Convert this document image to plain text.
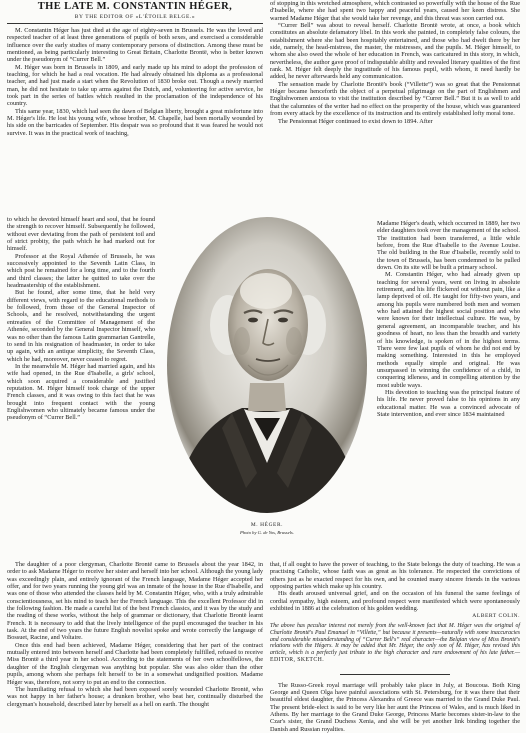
THE LATE M. CONSTANTIN HÉGER,
BY THE EDITOR OF «L'ÉTOILE BELGE.»

M. Constantin Héger has just died at the age of eighty-seven in Brussels. He was the loved and respected teacher of at least three generations of pupils of both sexes, and exercised a considerable influence over the early studies of many contemporary persons of distinction. Among these must be mentioned, as being particularly interesting to Great Britain, Charlotte Brontë, who is better known under the pseudonym of “Currer Bell.”

M. Héger was born in Brussels in 1809, and early made up his mind to adopt the profession of teaching, for which he had a real vocation. He had already obtained his diploma as a professional teacher, and had just made a start when the Revolution of 1830 broke out. Though a newly married man, he did not hesitate to take up arms against the Dutch, and, volunteering for active service, he took part in the series of battles which resulted in the proclamation of the independence of his country.

This same year, 1830, which had seen the dawn of Belgian liberty, brought a great misfortune into M. Héger's life. He lost his young wife, whose brother, M. Chapelle, had been mortally wounded by his side on the barricades of September. His despair was so profound that it was feared he would not survive. It was in the practical work of teaching,

to which he devoted himself heart and soul, that he found the strength to recover himself. Subsequently he followed, without ever deviating from the path of persistent toil and of strict probity, the path which he had marked out for himself.

Professor at the Royal Athenée of Brussels, he was successively appointed to the Seventh Latin Class, in which post he remained for a long time, and to the fourth and third classes; the latter he quitted to take over the headmastership of the establishment.

But he found, after some time, that he held very different views, with regard to the educational methods to be followed, from those of the General Inspector of Schools, and he resolved, notwithstanding the urgent entreaties of the Committee of Management of the Athenée, seconded by the General Inspector himself, who was no other than the famous Latin grammarian Gantrelle, to send in his resignation of headmaster, in order to take up again, with an antique simplicity, the Seventh Class, which he had, moreover, never ceased to regret.

In the meanwhile M. Héger had married again, and his wife had opened, in the Rue d'Isabelle, a girls' school, which soon acquired a considerable and justified reputation. M. Héger himself took charge of the upper French classes, and it was owing to this fact that he was brought into frequent contact with the young Englishwomen who ultimately became famous under the pseudonym of “Currer Bell.”

of stopping in this wretched atmosphere, which contrasted so powerfully with the house of the Rue d'Isabelle, where she had spent two happy and peaceful years, caused her keen distress. She warned Madame Héger that she would take her revenge, and this threat was soon carried out.

“Currer Bell” was about to reveal herself. Charlotte Brontë wrote, at once, a book which constitutes an absolute defamatory libel. In this work she painted, in completely false colours, the establishment where she had been hospitably entertained, and those who had dwelt there by her side, namely, the head-mistress, the master, the mistresses, and the pupils. M. Héger himself, to whom she also owed the whole of her education in French, was caricatured in this story, in which, nevertheless, the author gave proof of indisputable ability and revealed literary qualities of the first rank. M. Héger felt deeply the ingratitude of his famous pupil, with whom, it need hardly be added, he never afterwards held any communication.

The sensation made by Charlotte Brontë's book (“Villette”) was so great that the Pensionnat Héger became henceforth the object of a perpetual pilgrimage on the part of Englishmen and Englishwomen anxious to visit the institution described by “Currer Bell.” But it is as well to add that the calumnies of the writer had no effect on the prosperity of the house, which was guaranteed from every attack by the excellence of its instruction and its entirely established lofty moral tone.

The Pensionnat Héger continued to exist down to 1894. After

Madame Héger's death, which occurred in 1889, her two elder daughters took over the management of the school. The institution had been transferred, a little while before, from the Rue d'Isabelle to the Avenue Louise. The old building in the Rue d'Isabelle, recently sold to the town of Brussels, has been condemned to be pulled down. On its site will be built a primary school.

M. Constantin Héger, who had already given up teaching for several years, went on living in absolute retirement, and his life flickered out without pain, like a lamp deprived of oil. He taught for fifty-two years, and among his pupils were numbered both men and women who had attained the highest social position and who were known for their intellectual culture. He was, by general agreement, an incomparable teacher, and his goodness of heart, no less than the breadth and variety of his knowledge, is spoken of in the highest terms. There were few last pupils of whom he did not end by making something. Interested in this he employed methods equally simple and original. He was unsurpassed in winning the confidence of a child, in conquering idleness, and in compelling attention by the most subtle ways.

His devotion to teaching was the principal feature of his life. He never proved false to his opinions in any educational matter. He was a convinced advocate of State intervention, and ever since 1834 maintained

M. HÉGER.
Photo by G. de Yos, Brussels.

The daughter of a poor clergyman, Charlotte Brontë came to Brussels about the year 1842, in order to ask Madame Héger to receive her sister and herself into her school. Although the young lady was exceedingly plain, and entirely ignorant of the French language, Madame Héger accepted her offer, and for two years running the young girl was an inmate of the house in the Rue d'Isabelle, and was one of those who attended the classes held by M. Constantin Héger, who, with a truly admirable conscientiousness, set his mind to teach her the French language. This the excellent Professor did in the following fashion. He made a careful list of the best French classics, and it was by the study and the reading of these works, without the help of grammar or dictionary, that Charlotte Brontë learnt French. It is necessary to add that the lively intelligence of the pupil encouraged the teacher in his task. At the end of two years the future English novelist spoke and wrote correctly the language of Bossuet, Racine, and Voltaire.

Once this end had been achieved, Madame Héger, considering that her part of the contract mutually entered into between herself and Charlotte had been completely fulfilled, refused to receive Miss Brontë a third year in her school. According to the statements of her own schoolfellows, the daughter of the English clergyman was anything but popular. She was also older than the other pupils, among whom she perhaps felt herself to be in a somewhat undignified position. Madame Héger was, therefore, not sorry to put an end to the connection.

The humiliating refusal to which she had been exposed sorely wounded Charlotte Brontë, who was not happy in her father's house; a drunken brother, who beat her, continually disturbed the clergyman's household, described later by herself as a hell on earth. The thought

that, if all ought to have the power of teaching, to the State belongs the duty of teaching. He was a practising Catholic, whose faith was as great as his tolerance. He respected the convictions of others just as he exacted respect for his own, and he counted many sincere friends in the various opposing parties which make up his country.

His death aroused universal grief, and on the occasion of his funeral the same feelings of cordial sympathy, high esteem, and profound respect were manifested which were spontaneously exhibited in 1886 at the celebration of his golden wedding.

ALBERT COLIN.
The above has peculiar interest not merely from the well-known fact that M. Héger was the original of Charlotte Brontë's Paul Emanuel in “Villette,” but because it presents—naturally with some inaccuracies and considerable misunderstanding of “Currer Bell's” real character—the Belgian view of Miss Brontë's relations with the Hégers. It may be added that Mr. Héger, the only son of M. Héger, has revised this article, which is a perfectly just tribute to the high character and rare endowment of his late father.—EDITOR, SKETCH.

The Russo-Greek royal marriage will probably take place in July, at Boucoua. Both King George and Queen Olga have painful associations with St. Petersburg, for it was there that their beautiful eldest daughter, the Princess Alexandra of Greece was married to the Grand Duke Paul. The present bride-elect is said to be very like her aunt the Princess of Wales, and is much liked in Athens. By her marriage to the Grand Duke George, Princess Marie becomes sister-in-law to the Czar's sister, the Grand Duchess Xenia, and she will be yet another link binding together the Danish and Russian royalties.
